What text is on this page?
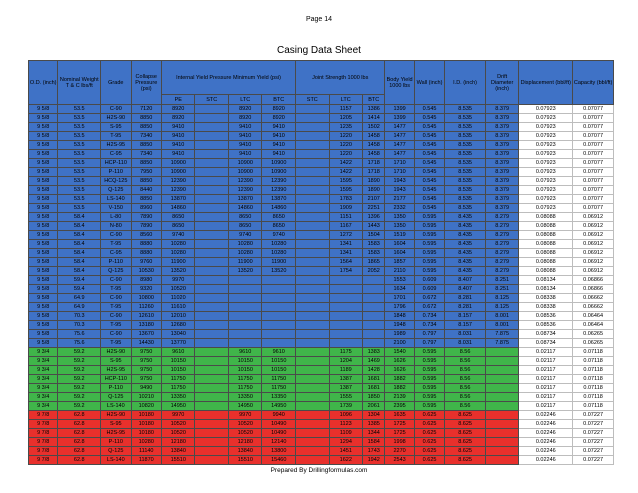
Page 14
Casing Data Sheet
O.D. (inch)	Nominal Weight T & C lbs/ft	Grade	Collapse Pressure (psi)	Internal Yield Pressure Minimum Yield (psi)				Joint Strength 1000 lbs			Body Yield 1000 lbs	Wall (inch)	I.D. (inch)	Drift Diameter (inch)	Displacement (bbl/ft)	Capacity (bbl/ft)
				PE	STC	LTC	BTC	STC	LTC	BTC						
9 5/8	53.5	C-90	7120	8920		8920	8920		1157	1386	1399	0.545	8.535	8.379	0.07923	0.07077
9 5/8	53.5	H2S-90	8850	8920		8920	8920		1205	1414	1399	0.545	8.535	8.379	0.07923	0.07077
9 5/8	53.5	S-95	8850	9410		9410	9410		1235	1502	1477	0.545	8.535	8.379	0.07923	0.07077
9 5/8	53.5	T-95	7340	9410		9410	9410		1220	1458	1477	0.545	8.535	8.379	0.07923	0.07077
9 5/8	53.5	H2S-95	8850	9410		9410	9410		1220	1458	1477	0.545	8.535	8.379	0.07923	0.07077
9 5/8	53.5	C-95	7340	9410		9410	9410		1220	1458	1477	0.545	8.535	8.379	0.07923	0.07077
9 5/8	53.5	HCP-110	8850	10900		10900	10900		1422	1718	1710	0.545	8.535	8.379	0.07923	0.07077
9 5/8	53.5	P-110	7950	10900		10900	10900		1422	1718	1710	0.545	8.535	8.379	0.07923	0.07077
9 5/8	53.5	HCQ-125	8850	12390		12390	12390		1595	1890	1943	0.545	8.535	8.379	0.07923	0.07077
9 5/8	53.5	Q-125	8440	12390		12390	12390		1595	1890	1943	0.545	8.535	8.379	0.07923	0.07077
9 5/8	53.5	LS-140	8850	13870		13870	13870		1783	2107	2177	0.545	8.535	8.379	0.07923	0.07077
9 5/8	53.5	V-150	8960	14860		14860	14860		1909	2251	2332	0.545	8.535	8.379	0.07923	0.07077
9 5/8	58.4	L-80	7890	8650		8650	8650		1151	1396	1350	0.595	8.435	8.279	0.08088	0.06912
9 5/8	58.4	N-80	7890	8650		8650	8650		1167	1443	1350	0.595	8.435	8.279	0.08088	0.06912
9 5/8	58.4	C-90	8560	9740		9740	9740		1272	1504	1519	0.595	8.435	8.279	0.08088	0.06912
9 5/8	58.4	T-95	8880	10280		10280	10280		1341	1583	1604	0.595	8.435	8.279	0.08088	0.06912
9 5/8	58.4	C-95	8880	10280		10280	10280		1341	1583	1604	0.595	8.435	8.279	0.08088	0.06912
9 5/8	58.4	P-110	9760	11900		11900	11900		1564	1865	1857	0.595	8.435	8.279	0.08088	0.06912
9 5/8	58.4	Q-125	10530	13520		13520	13520		1754	2052	2110	0.595	8.435	8.279	0.08088	0.06912
9 5/8	59.4	C-90	8980	9970							1553	0.609	8.407	8.251	0.08134	0.06866
9 5/8	59.4	T-95	9320	10520							1634	0.609	8.407	8.251	0.08134	0.06866
9 5/8	64.9	C-90	10800	11020							1701	0.672	8.281	8.125	0.08338	0.06662
9 5/8	64.9	T-95	11260	11610							1796	0.672	8.281	8.125	0.08338	0.06662
9 5/8	70.3	C-90	12610	12010							1848	0.734	8.157	8.001	0.08536	0.06464
9 5/8	70.3	T-95	13180	12680							1948	0.734	8.157	8.001	0.08536	0.06464
9 5/8	75.6	C-90	13670	13040							1989	0.797	8.031	7.875	0.08734	0.06265
9 5/8	75.6	T-95	14430	13770							2100	0.797	8.031	7.875	0.08734	0.06265
9 3/4	59.2	H2S-90	9750	9610		9610	9610		1175	1383	1540	0.595	8.56		0.02117	0.07118
9 3/4	59.2	S-95	9750	10150		10150	10150		1204	1469	1626	0.595	8.56		0.02117	0.07118
9 3/4	59.2	H2S-95	9750	10150		10150	10150		1189	1428	1626	0.595	8.56		0.02117	0.07118
9 3/4	59.2	HCP-110	9750	11750		11750	11750		1387	1681	1882	0.595	8.56		0.02117	0.07118
9 3/4	59.2	P-110	9490	11750		11750	11750		1387	1681	1882	0.595	8.56		0.02117	0.07118
9 3/4	59.2	Q-125	10210	13350		13350	13350		1555	1850	2139	0.595	8.56		0.02117	0.07118
9 3/4	59.2	LS-140	10820	14950		14950	14950		1739	2061	2395	0.595	8.56		0.02117	0.07118
9 7/8	62.8	H2S-90	10180	9970		9970	9940		1096	1304	1635	0.625	8.625		0.02246	0.07227
9 7/8	62.8	S-95	10180	10520		10520	10490		1123	1385	1725	0.625	8.625		0.02246	0.07227
9 7/8	62.8	H2S-95	10180	10520		10520	10490		1109	1344	1725	0.625	8.625		0.02246	0.07227
9 7/8	62.8	P-110	10280	12180		12180	12140		1294	1584	1998	0.625	8.625		0.02246	0.07227
9 7/8	62.8	Q-125	11140	13840		13840	13800		1451	1743	2270	0.625	8.625		0.02246	0.07227
9 7/8	62.8	LS-140	11870	15510		15510	15460		1622	1942	2543	0.625	8.625		0.02246	0.07227
Prepared By Drillingformulas.com
